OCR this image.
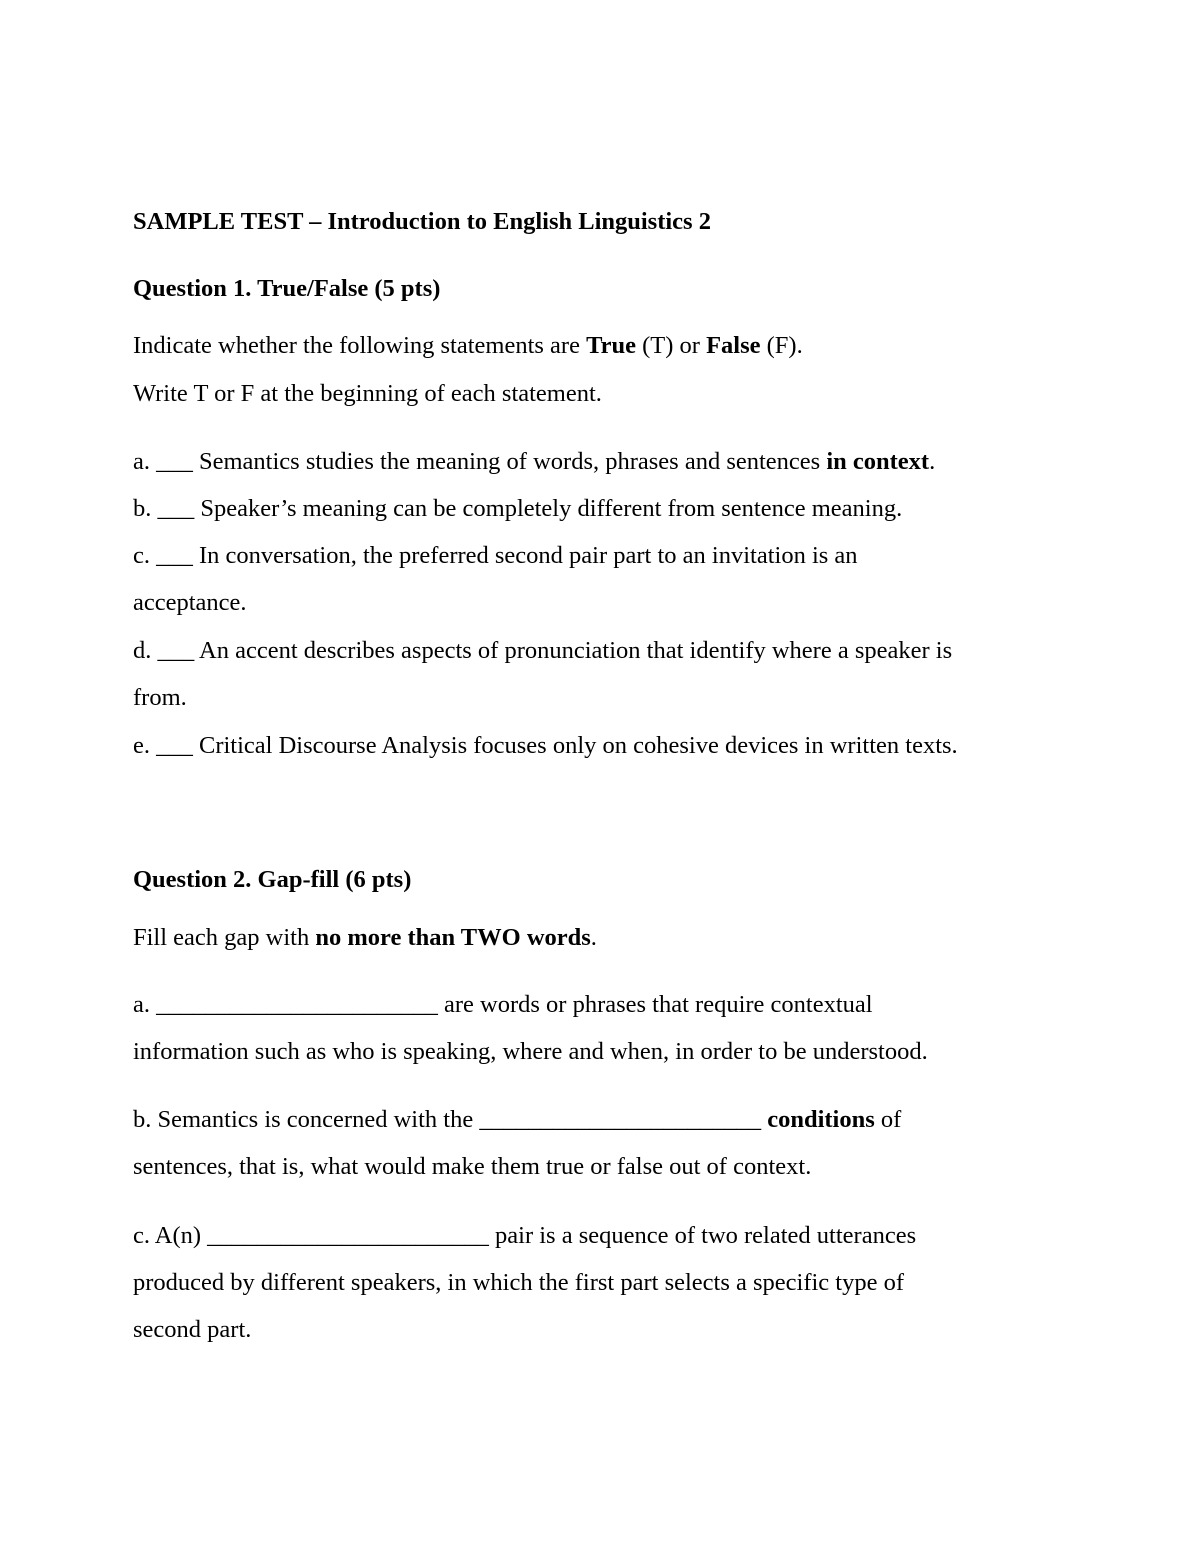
SAMPLE TEST – Introduction to English Linguistics 2
Question 1. True/False (5 pts)
Indicate whether the following statements are True (T) or False (F).
Write T or F at the beginning of each statement.
a. ___ Semantics studies the meaning of words, phrases and sentences in context.
b. ___ Speaker’s meaning can be completely different from sentence meaning.
c. ___ In conversation, the preferred second pair part to an invitation is an
acceptance.
d. ___ An accent describes aspects of pronunciation that identify where a speaker is
from.
e. ___ Critical Discourse Analysis focuses only on cohesive devices in written texts.
Question 2. Gap-fill (6 pts)
Fill each gap with no more than TWO words.
a. _______________________ are words or phrases that require contextual
information such as who is speaking, where and when, in order to be understood.
b. Semantics is concerned with the _______________________ conditions of
sentences, that is, what would make them true or false out of context.
c. A(n) _______________________ pair is a sequence of two related utterances
produced by different speakers, in which the first part selects a specific type of
second part.
